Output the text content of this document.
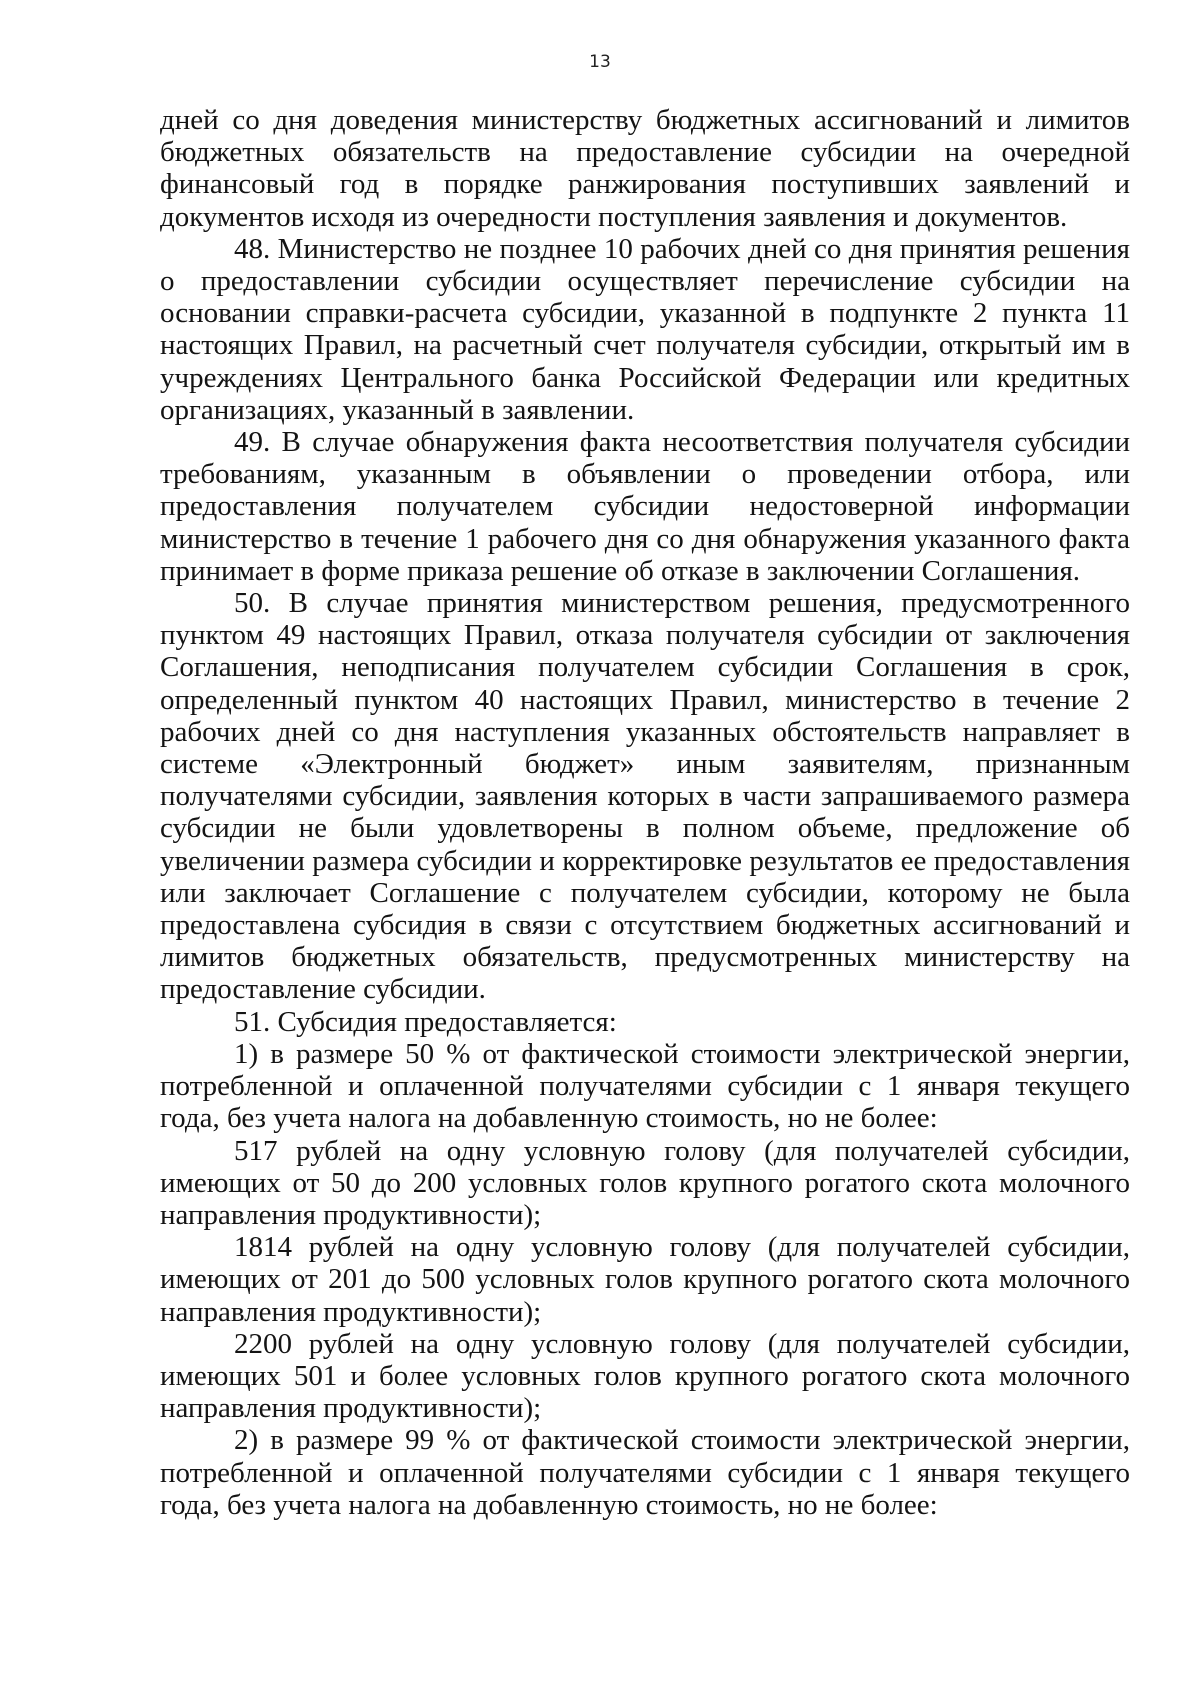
13

дней со дня доведения министерству бюджетных ассигнований и лимитов бюджетных обязательств на предоставление субсидии на очередной финансовый год в порядке ранжирования поступивших заявлений и документов исходя из очередности поступления заявления и документов.

48. Министерство не позднее 10 рабочих дней со дня принятия решения о предоставлении субсидии осуществляет перечисление субсидии на основании справки-расчета субсидии, указанной в подпункте 2 пункта 11 настоящих Правил, на расчетный счет получателя субсидии, открытый им в учреждениях Центрального банка Российской Федерации или кредитных организациях, указанный в заявлении.

49. В случае обнаружения факта несоответствия получателя субсидии требованиям, указанным в объявлении о проведении отбора, или предоставления получателем субсидии недостоверной информации министерство в течение 1 рабочего дня со дня обнаружения указанного факта принимает в форме приказа решение об отказе в заключении Соглашения.

50. В случае принятия министерством решения, предусмотренного пунктом 49 настоящих Правил, отказа получателя субсидии от заключения Соглашения, неподписания получателем субсидии Соглашения в срок, определенный пунктом 40 настоящих Правил, министерство в течение 2 рабочих дней со дня наступления указанных обстоятельств направляет в системе «Электронный бюджет» иным заявителям, признанным получателями субсидии, заявления которых в части запрашиваемого размера субсидии не были удовлетворены в полном объеме, предложение об увеличении размера субсидии и корректировке результатов ее предоставления или заключает Соглашение с получателем субсидии, которому не была предоставлена субсидия в связи с отсутствием бюджетных ассигнований и лимитов бюджетных обязательств, предусмотренных министерству на предоставление субсидии.

51. Субсидия предоставляется:

1) в размере 50 % от фактической стоимости электрической энергии, потребленной и оплаченной получателями субсидии с 1 января текущего года, без учета налога на добавленную стоимость, но не более:

517 рублей на одну условную голову (для получателей субсидии, имеющих от 50 до 200 условных голов крупного рогатого скота молочного направления продуктивности);

1814 рублей на одну условную голову (для получателей субсидии, имеющих от 201 до 500 условных голов крупного рогатого скота молочного направления продуктивности);

2200 рублей на одну условную голову (для получателей субсидии, имеющих 501 и более условных голов крупного рогатого скота молочного направления продуктивности);

2) в размере 99 % от фактической стоимости электрической энергии, потребленной и оплаченной получателями субсидии с 1 января текущего года, без учета налога на добавленную стоимость, но не более:
